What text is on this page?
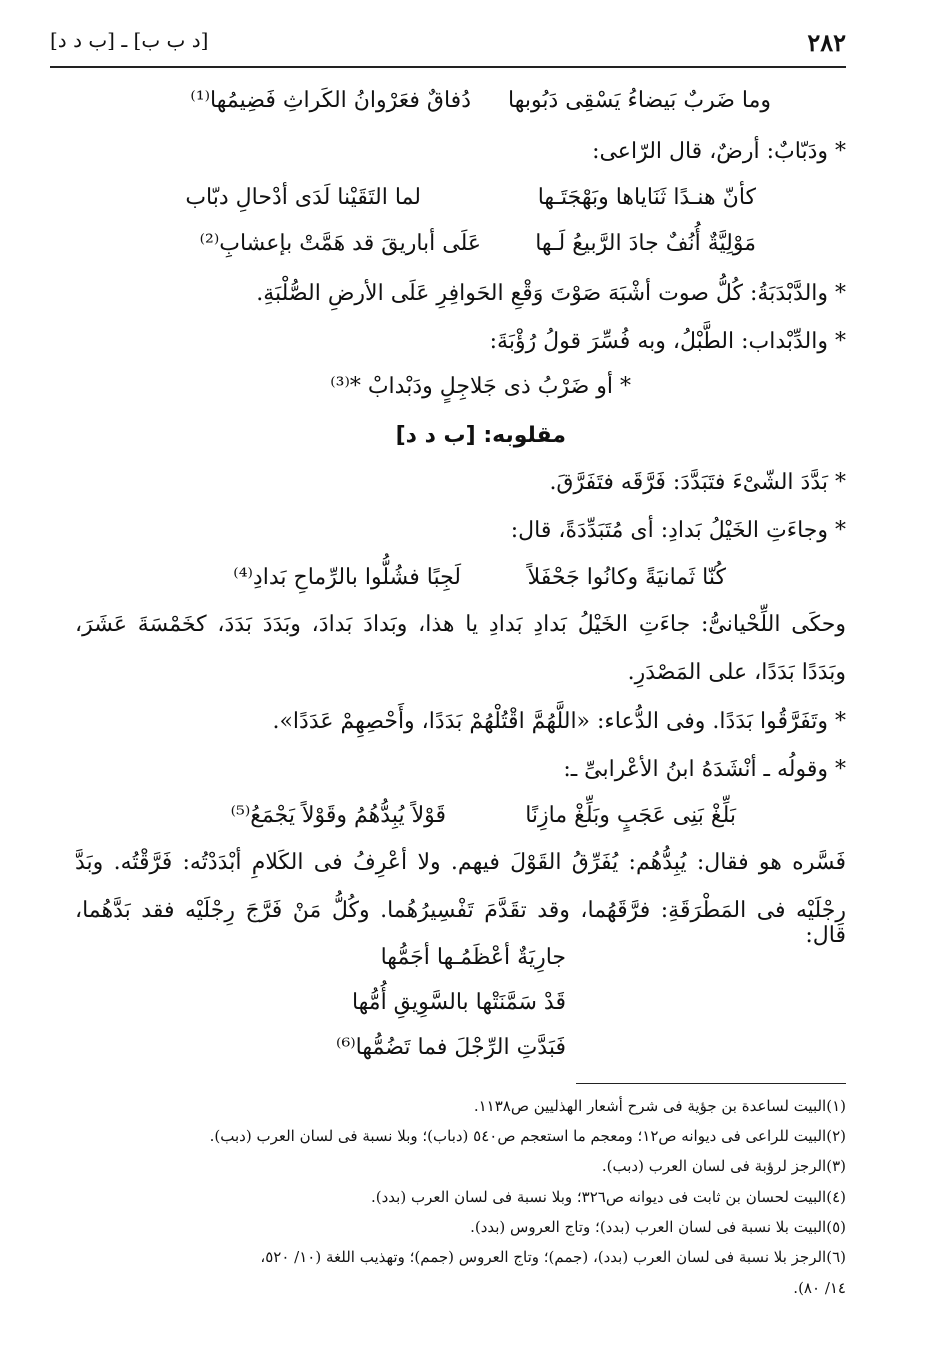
٢٨٢
[د ب ب] ـ [ب د د]
وما ضَربٌ بَيضاءُ يَسْقِى دَبُوبها
دُفاقٌ فعَرْوانُ الكَراثِ فَضِيمُها⁽¹⁾
* ودَبّابٌ: أرضٌ، قال الرّاعى:
كأنّ هنـدًا ثَنَاياها وبَهْجَتَـها
لما التَقَيْنا لَدَى أدْحالِ دبّاب
مَوْلِيَّةٌ أُنُفٌ جادَ الرَّبيعُ لَـها
عَلَى أباريقَ قد هَمَّتْ بإعشابِ⁽²⁾
* والدَّبْدَبَةُ: كُلُّ صوت أشْبَهَ صَوْتَ وَقْعِ الحَوافِرِ عَلَى الأرضِ الصُّلْبَةِ.
* والدِّبْداب: الطَّبْلُ، وبه فُسِّرَ قولُ رُؤْبَةَ:
* أو ضَرْبُ ذى جَلاجِلٍ ودَبْدابْ *⁽³⁾
مقلوبه: [ب د د]
* بَدَّدَ الشّىْءَ فتَبَدَّدَ: فَرَّقَه فتَفَرَّقَ.
* وجاءَتِ الخَيْلُ بَدادِ: أى مُتَبَدِّدَةً، قال:
كُنّا ثَمانيَةً وكانُوا جَحْفَلاً
لَجِبًا فشُلُّوا بالرِّماحِ بَدادِ⁽⁴⁾
وحكَى اللِّحْيانىُّ: جاءَتِ الخَيْلُ بَدادِ بَدادِ يا هذا، وبَدادَ بَدادَ، وبَدَدَ بَدَدَ، كخَمْسَةَ عَشَرَ،
وبَدَدًا بَدَدًا، على المَصْدَرِ.
* وتَفَرَّقُوا بَدَدًا. وفى الدُّعاء: «اللَّهُمَّ اقْتُلْهُمْ بَدَدًا، وأَحْصِهِمْ عَدَدًا».
* وقولُه ـ أنْشَدَهُ ابنُ الأعْرابىِّ ـ:
بَلِّغْ بَنِى عَجَبٍ وبَلِّغْ مازِنًا
قَوْلاً يُبِدُّهُمُ وقَوْلاً يَجْمَعُ⁽⁵⁾
فَسَّره هو فقال: يُبِدُّهُم: يُفَرِّقُ القَوْلَ فيهم. ولا أعْرِفُ فى الكَلامِ أبْدَدْتُه: فَرَّقْتُه. وبَدَّ
رِجْلَيْه فى المَطْرَقَةِ: فرَّقَهُما، وقد تقَدَّمَ تَفْسِيرُهُما. وكُلُّ مَنْ فَرَّجَ رِجْلَيْه فقد بَدَّهُما، قال:
جارِيَةٌ أعْظَمُـها أجَمُّها
قَدْ سَمَّنَتْها بالسَّوِيقِ أُمُّها
فَبَدَّتِ الرِّجْلَ فما تَضُمُّها⁽⁶⁾
(١)البيت لساعدة بن جؤية فى شرح أشعار الهذليين ص١١٣٨.
(٢)البيت للراعى فى ديوانه ص١٢؛ ومعجم ما استعجم ص٥٤٠ (دباب)؛ وبلا نسبة فى لسان العرب (دبب).
(٣)الرجز لرؤبة فى لسان العرب (دبب).
(٤)البيت لحسان بن ثابت فى ديوانه ص٣٢٦؛ وبلا نسبة فى لسان العرب (بدد).
(٥)البيت بلا نسبة فى لسان العرب (بدد)؛ وتاج العروس (بدد).
(٦)الرجز بلا نسبة فى لسان العرب (بدد)، (جمم)؛ وتاج العروس (جمم)؛ وتهذيب اللغة (١٠/ ٥٢٠،
١٤/ ٨٠).
